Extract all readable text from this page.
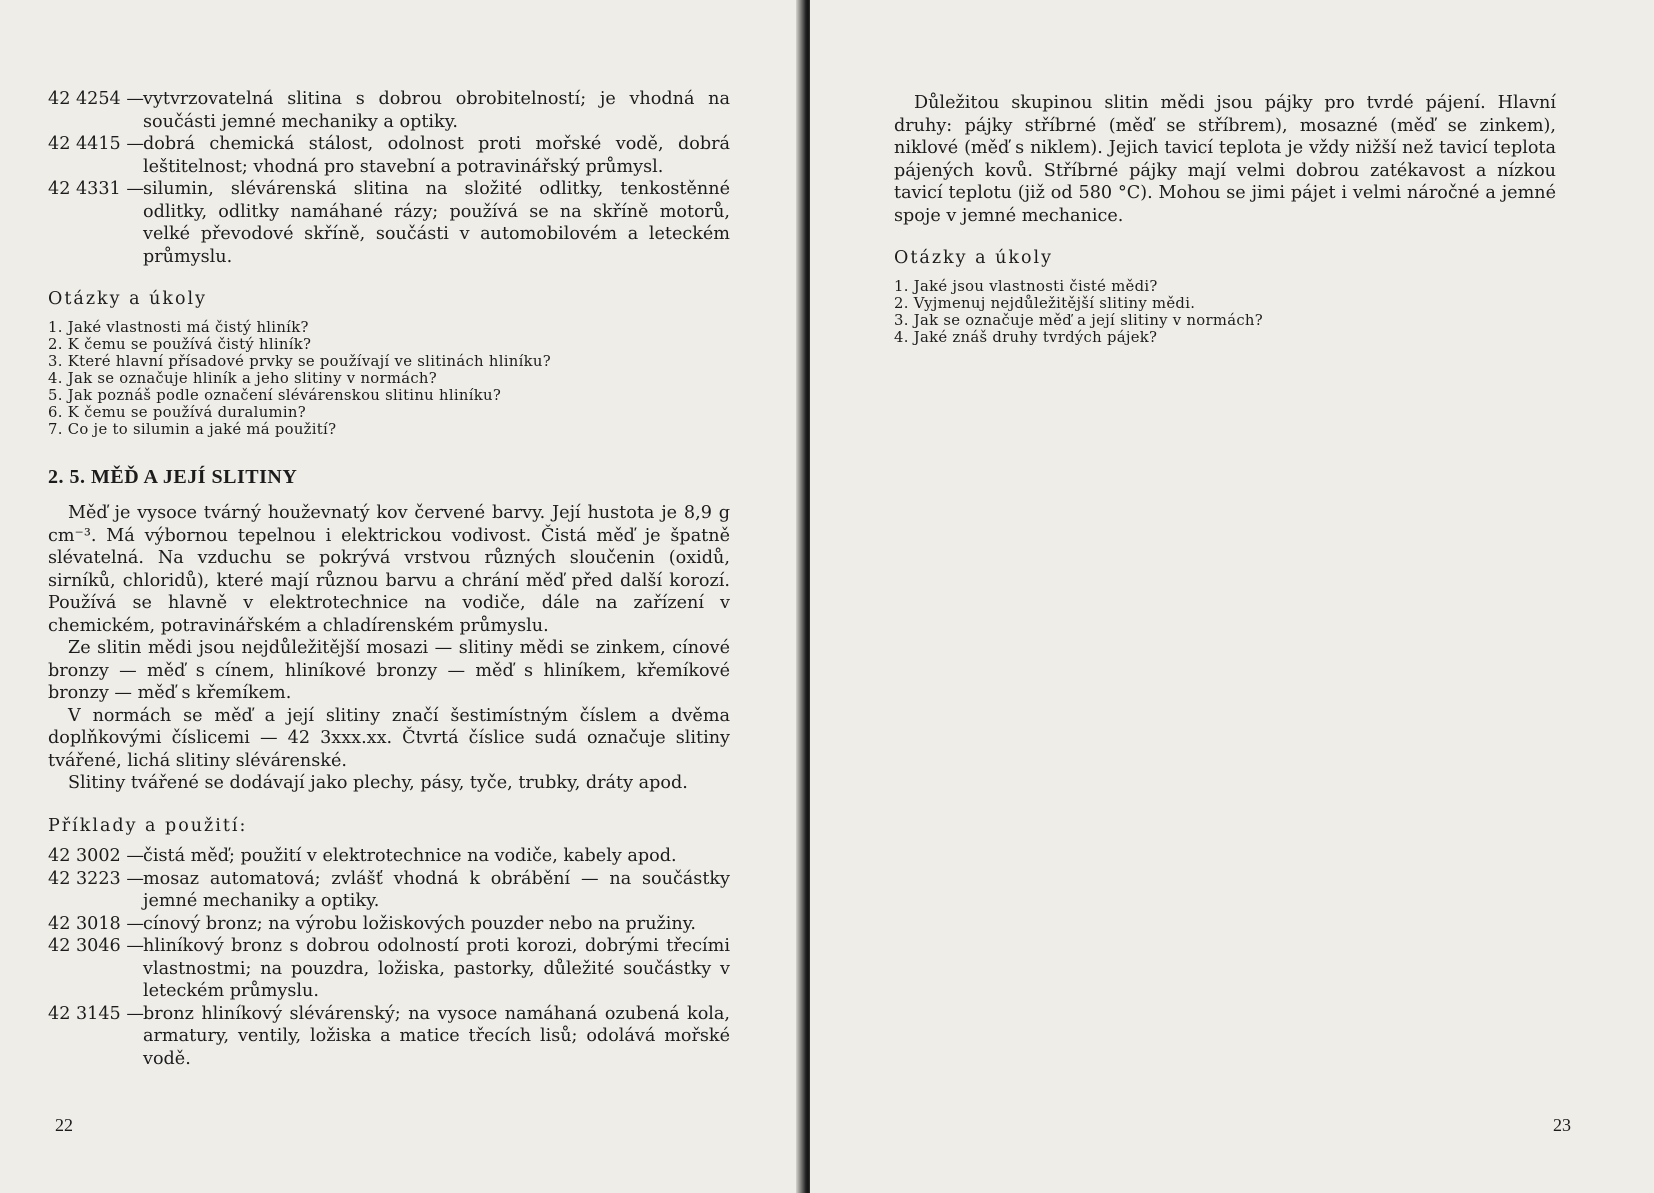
42 4254 — vytvrzovatelná slitina s dobrou obrobitelností; je vhodná na součásti jemné mechaniky a optiky.
42 4415 — dobrá chemická stálost, odolnost proti mořské vodě, dobrá leštitelnost; vhodná pro stavební a potravinářský průmysl.
42 4331 — silumin, slévárenská slitina na složité odlitky, tenkostěnné odlitky, odlitky namáhané rázy; používá se na skříně motorů, velké převodové skříně, součásti v automobilovém a leteckém průmyslu.
Otázky a úkoly
1. Jaké vlastnosti má čistý hliník?
2. K čemu se používá čistý hliník?
3. Které hlavní přísadové prvky se používají ve slitinách hliníku?
4. Jak se označuje hliník a jeho slitiny v normách?
5. Jak poznáš podle označení slévárenskou slitinu hliníku?
6. K čemu se používá duralumin?
7. Co je to silumin a jaké má použití?
2. 5. MĚĎ A JEJÍ SLITINY

Měď je vysoce tvárný houževnatý kov červené barvy. Její hustota je 8,9 g cm⁻³. Má výbornou tepelnou i elektrickou vodivost. Čistá měď je špatně slévatelná. Na vzduchu se pokrývá vrstvou různých sloučenin (oxidů, sirníků, chloridů), které mají různou barvu a chrání měď před další korozí. Používá se hlavně v elektrotechnice na vodiče, dále na zařízení v chemickém, potravinářském a chladírenském průmyslu.

Ze slitin mědi jsou nejdůležitější mosazi — slitiny mědi se zinkem, cínové bronzy — měď s cínem, hliníkové bronzy — měď s hliníkem, křemíkové bronzy — měď s křemíkem.

V normách se měď a její slitiny značí šestimístným číslem a dvěma doplňkovými číslicemi — 42 3xxx.xx. Čtvrtá číslice sudá označuje slitiny tvářené, lichá slitiny slévárenské.

Slitiny tvářené se dodávají jako plechy, pásy, tyče, trubky, dráty apod.

Příklady a použití:
42 3002 — čistá měď; použití v elektrotechnice na vodiče, kabely apod.
42 3223 — mosaz automatová; zvlášť vhodná k obrábění — na součástky jemné mechaniky a optiky.
42 3018 — cínový bronz; na výrobu ložiskových pouzder nebo na pružiny.
42 3046 — hliníkový bronz s dobrou odolností proti korozi, dobrými třecími vlastnostmi; na pouzdra, ložiska, pastorky, důležité součástky v leteckém průmyslu.
42 3145 — bronz hliníkový slévárenský; na vysoce namáhaná ozubená kola, armatury, ventily, ložiska a matice třecích lisů; odolává mořské vodě.
22

Důležitou skupinou slitin mědi jsou pájky pro tvrdé pájení. Hlavní druhy: pájky stříbrné (měď se stříbrem), mosazné (měď se zinkem), niklové (měď s niklem). Jejich tavicí teplota je vždy nižší než tavicí teplota pájených kovů. Stříbrné pájky mají velmi dobrou zatékavost a nízkou tavicí teplotu (již od 580 °C). Mohou se jimi pájet i velmi náročné a jemné spoje v jemné mechanice.

Otázky a úkoly
1. Jaké jsou vlastnosti čisté mědi?
2. Vyjmenuj nejdůležitější slitiny mědi.
3. Jak se označuje měď a její slitiny v normách?
4. Jaké znáš druhy tvrdých pájek?
23
